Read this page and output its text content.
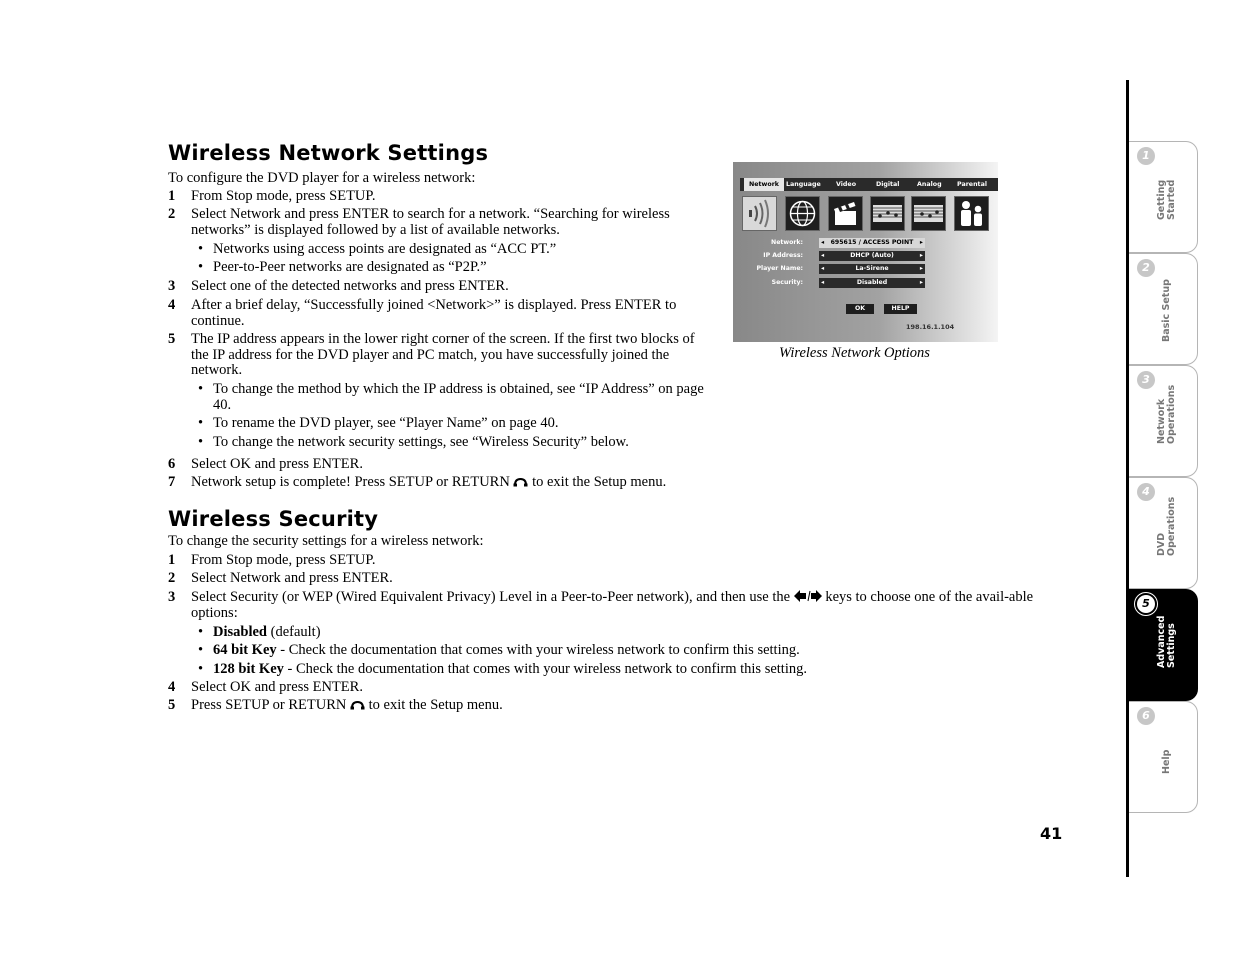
Wireless Network Settings

To configure the DVD player for a wireless network:

1 From Stop mode, press SETUP.
2 Select Network and press ENTER to search for a network. “Searching for wireless networks” is displayed followed by a list of available networks.
• Networks using access points are designated as “ACC PT.”
• Peer-to-Peer networks are designated as “P2P.”
3 Select one of the detected networks and press ENTER.
4 After a brief delay, “Successfully joined <Network>” is displayed. Press ENTER to continue.
5 The IP address appears in the lower right corner of the screen. If the first two blocks of the IP address for the DVD player and PC match, you have successfully joined the network.
• To change the method by which the IP address is obtained, see “IP Address” on page 40.
• To rename the DVD player, see “Player Name” on page 40.
• To change the network security settings, see “Wireless Security” below.
6 Select OK and press ENTER.
7 Network setup is complete! Press SETUP or RETURN to exit the Setup menu.
Network	Language Video	Digital	Analog Parental
Network:	◂ 695615 / ACCESS POINT ▸
IP Address:	◂	DHCP (Auto)	▸
Player Name:	◂	La-Sirene	▸
Security:	◂	Disabled	▸
OK	HELP
198.16.1.104
Wireless Network Options
Wireless Security

To change the security settings for a wireless network:

1 From Stop mode, press SETUP.
2 Select Network and press ENTER.
3 Select Security (or WEP (Wired Equivalent Privacy) Level in a Peer-to-Peer network), and then use the keys to choose one of the avail-able options:
• Disabled (default)
• 64 bit Key - Check the documentation that comes with your wireless network to confirm this setting.
• 128 bit Key - Check the documentation that comes with your wireless network to confirm this setting.
4 Select OK and press ENTER.
5 Press SETUP or RETURN to exit the Setup menu.
41
1
Getting Started
2
Basic Setup
3
Network Operations
4
DVD Operations
5
Advanced Settings
6
Help
